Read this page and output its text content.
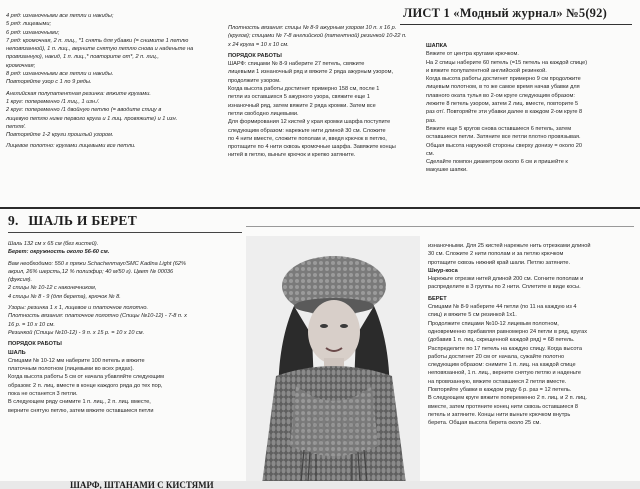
ЛИСТ 1 «Модный журнал» №5(92)

4 ряд: изнаночными все петли и накиды;

5 ряд: лицевыми;

6 ряд: изнаночными;

7 ряд: кромочная, 2 п. лиц., *1 снять для убавки (= снимите 1 петлю

неповязанной), 1 п. лиц., верните снятую петлю снова и наденьте на

провязанную), накид, 1 п. лиц.,* повторите от*, 2 п. лиц.,

кромочная;

8 ряд: изнаночными все петли и накиды.

Повторяйте узор с 1 по 9 ряды.

Английская полупатентная резинка: вяжите кругами.

1 круг: попеременно /1 лиц., 1 изн./.

2 круг: попеременно /1 двойную петлю (= вводите спицу в

лицевую петлю ниже первого круга и 1 лиц. провяжите) и 1 изн.

петля/.

Повторяйте 1-2 круги прошлый узором.

Лицевое полотно: кругами лицевыми все петли.

Плотность вязания: спицы № 8-9 ажурным узором 10 п. х 16 р.

(кругов); спицами № 7-8 английской (патентной) резинкой 10-22 п.

х 24 круга = 10 х 10 см.

ПОРЯДОК РАБОТЫ

ШАРФ: спицами № 8-9 наберите 27 петель, свяжите

лицевыми 1 изнаночный ряд и вяжите 2 ряда ажурным узором,

продолжите узором.

Когда высота работы достигнет примерно 158 см, после 1

петли из оставшихся 5 ажурного узора, свяжите еще 1

изнаночный ряд, затем вяжите 2 ряда кромки. Затем все

петли свободно лицевыми.

Для формирования 12 кистей у края кромки шарфа поступите

следующим образом: нарежьте нити длиной 30 см. Сложите

по 4 нити вместе, сложите пополам и, введя крючок в петлю,

протащите по 4 нити сквозь кромочные шарфа. Завяжите концы

нитей в петлю, выньте крючок и крепко затяните.

ШАПКА

Вяжите от центра кругами крючком.

На 2 спицы наберите 60 петель (=15 петель на каждой спице)

и вяжите полупатентной английской резинкой.

Когда высота работы достигнет примерно 9 см продолжите

лицевым полотном, в то же самое время начав убавки для

плавного оката тулья во 2-ом круге следующим образом:

лежите 8 петель узором, затем 2 лиц. вместе, повторите 5

раз от/. Повторяйте эти убавки далее в каждом 2-ом круге 8

раз.

Вяжите еще 5 кругов снова оставшиеся 6 петель, затем

оставшиеся петли. Затяните все петли плотно провязывая.

Общая высота наружной стороны сверху донизу = около 20

см.

Сделайте помпон диаметром около 6 см и пришейте к

макушке шапки.

9. ШАЛЬ И БЕРЕТ

Шаль 132 см х 65 см (без кистей).

Берет: окружность около 56-60 см.

Вам необходимо: 550 г пряжи Schachenmayr/SMC Kadina Light (62%

акрил, 26% шерсть,12 % полиэфир; 40 м/50 г). Цвет № 00036

(фуксия).

2 спицы № 10-12 с наконечником,

4 спицы № 8 - 9 (для берета), крючок № 8.

Узоры: резинка 1 х 1, лицевое и платочное полотно.

Плотность вязания: платочное полотно (Спицы №10-12) - 7-8 п. х

16 р. = 10 х 10 см.

Резинкой (Спицы №10-12) - 9 п. х 15 р. = 10 х 10 см.

ПОРЯДОК РАБОТЫ

ШАЛЬ

Спицами № 10-12 мм наберите 100 петель и вяжите

платочным полотном (лицевыми во всех рядах).

Когда высота работы 5 см от начала убавляйте следующим

образом: 2 п. лиц. вместе в конце каждого ряда до тех пор,

пока не останется 3 петли.

В следующем ряду снимите 1 п. лиц., 2 п. лиц. вместе,

верните снятую петлю, затем вяжите оставшиеся петли

изнаночными. Для 25 кистей нарежьте нить отрезками длиной

30 см. Сложите 2 нити пополам и за петлю крючком

протащите сквозь нижний край шали. Петлю затяните.

Шнур-коса

Нарежьте отрезки нитей длиной 200 см. Согните пополам и

распределите в 3 группы по 2 нити. Сплетите в виде косы.

БЕРЕТ

Спицами № 8-9 наберите 44 петли (по 11 на каждую из 4

спиц) и вяжите 5 см резинкой 1х1.

Продолжите спицами №10-12 лицевым полотном,

одновременно прибавляя равномерно 24 петли в ряд, кругах

(добавив 1 п. лиц. скрещенной каждой ряд) = 68 петель.

Распределите по 17 петель на каждую спицу. Когда высота

работы достигнет 20 см от начала, сужайте полотно

следующим образом: снимите 1 п. лиц. на каждой спице

неповязанной, 1 п. лиц., верните снятую петлю и наденьте

на провязанную, вяжите оставшиеся 2 петли вместе.

Повторяйте убавки в каждом ряду 6 р. раз = 12 петель.

В следующем круге вяжите попеременно 2 п. лиц. и 2 п. лиц.

вместе, затем протяните конец нити сквозь оставшиеся 8

петель и затяните. Концы нити выньте крючком внутрь

берета. Общая высота берета около 25 см.

ШАРФ, ШТАНАМИ С КИСТЯМИ
